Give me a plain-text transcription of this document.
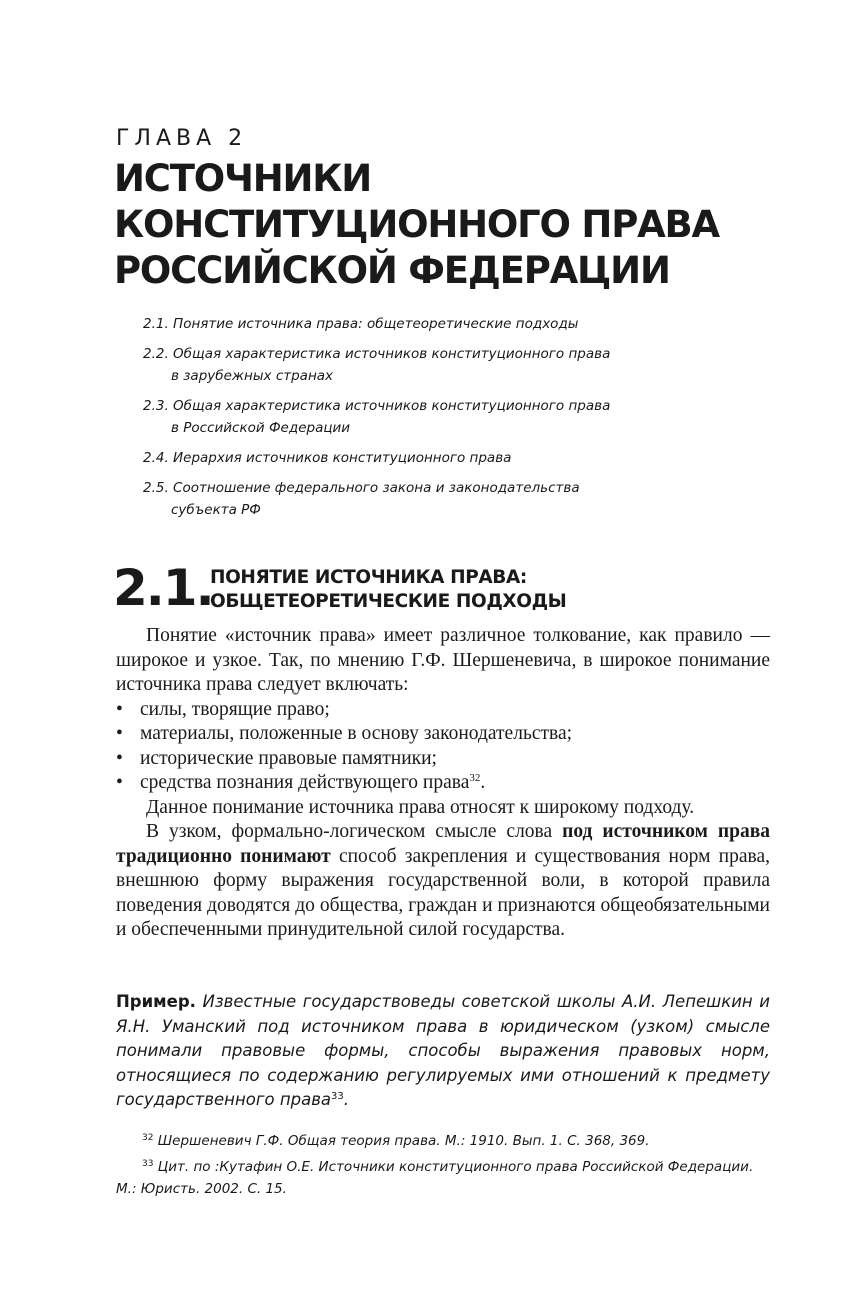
ГЛАВА 2
ИСТОЧНИКИ
КОНСТИТУЦИОННОГО ПРАВА
РОССИЙСКОЙ ФЕДЕРАЦИИ
2.1. Понятие источника права: общетеоретические подходы
2.2. Общая характеристика источников конституционного права
в зарубежных странах
2.3. Общая характеристика источников конституционного права
в Российской Федерации
2.4. Иерархия источников конституционного права
2.5. Соотношение федерального закона и законодательства
субъекта РФ
2.1.
ПОНЯТИЕ ИСТОЧНИКА ПРАВА:
ОБЩЕТЕОРЕТИЧЕСКИЕ ПОДХОДЫ

Понятие «источник права» имеет различное толкование, как правило — широкое и узкое. Так, по мнению Г.Ф. Шершеневича, в широкое понимание источника права следует включать:

• силы, творящие право;
• материалы, положенные в основу законодательства;
• исторические правовые памятники;
• средства познания действующего права$^{32}$.

Данное понимание источника права относят к широкому подходу.

В узком, формально-логическом смысле слова под источником права традиционно понимают способ закрепления и существования норм права, внешнюю форму выражения государственной воли, в которой правила поведения доводятся до общества, граждан и признаются общеобязательными и обеспеченными принудительной силой государства.

Пример. Известные государствоведы советской школы А.И. Лепешкин и Я.Н. Уманский под источником права в юридическом (узком) смысле понимали правовые формы, способы выражения правовых норм, относящиеся по содержанию регулируемых ими отношений к предмету государственного права$^{33}$.
$^{32}$ Шершеневич Г.Ф. Общая теория права. М.: 1910. Вып. 1. С. 368, 369.
$^{33}$ Цит. по :Кутафин О.Е. Источники конституционного права Российской Федерации. М.: Юристь. 2002. С. 15.
